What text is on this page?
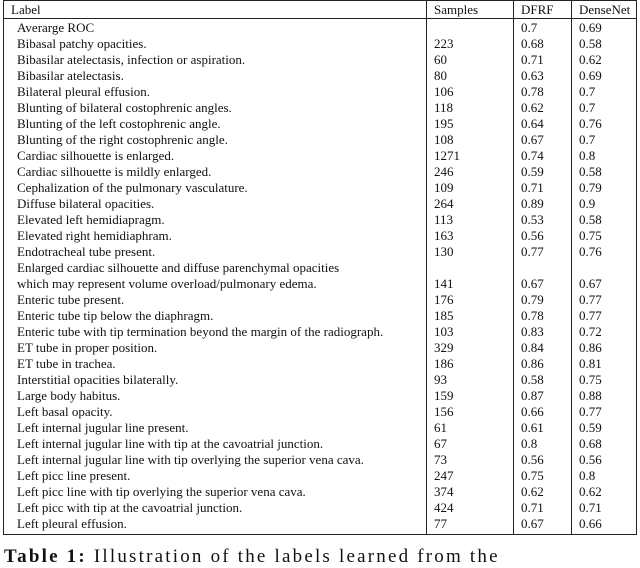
Label	Samples	DFRF	DenseNet
Averarge ROC		0.7	0.69
Bibasal patchy opacities.	223	0.68	0.58
Bibasilar atelectasis, infection or aspiration.	60	0.71	0.62
Bibasilar atelectasis.	80	0.63	0.69
Bilateral pleural effusion.	106	0.78	0.7
Blunting of bilateral costophrenic angles.	118	0.62	0.7
Blunting of the left costophrenic angle.	195	0.64	0.76
Blunting of the right costophrenic angle.	108	0.67	0.7
Cardiac silhouette is enlarged.	1271	0.74	0.8
Cardiac silhouette is mildly enlarged.	246	0.59	0.58
Cephalization of the pulmonary vasculature.	109	0.71	0.79
Diffuse bilateral opacities.	264	0.89	0.9
Elevated left hemidiapragm.	113	0.53	0.58
Elevated right hemidiaphram.	163	0.56	0.75
Endotracheal tube present.	130	0.77	0.76

Enlarged cardiac silhouette and diffuse parenchymal opacities
which may represent volume overload/pulmonary edema.	141	0.67	0.67
Enteric tube present.	176	0.79	0.77
Enteric tube tip below the diaphragm.	185	0.78	0.77
Enteric tube with tip termination beyond the margin of the radiograph.	103	0.83	0.72
ET tube in proper position.	329	0.84	0.86
ET tube in trachea.	186	0.86	0.81
Interstitial opacities bilaterally.	93	0.58	0.75
Large body habitus.	159	0.87	0.88
Left basal opacity.	156	0.66	0.77
Left internal jugular line present.	61	0.61	0.59
Left internal jugular line with tip at the cavoatrial junction.	67	0.8	0.68
Left internal jugular line with tip overlying the superior vena cava.	73	0.56	0.56
Left picc line present.	247	0.75	0.8
Left picc line with tip overlying the superior vena cava.	374	0.62	0.62
Left picc with tip at the cavoatrial junction.	424	0.71	0.71
Left pleural effusion.	77	0.67	0.66
Table 1: Illustration of the labels learned from the
